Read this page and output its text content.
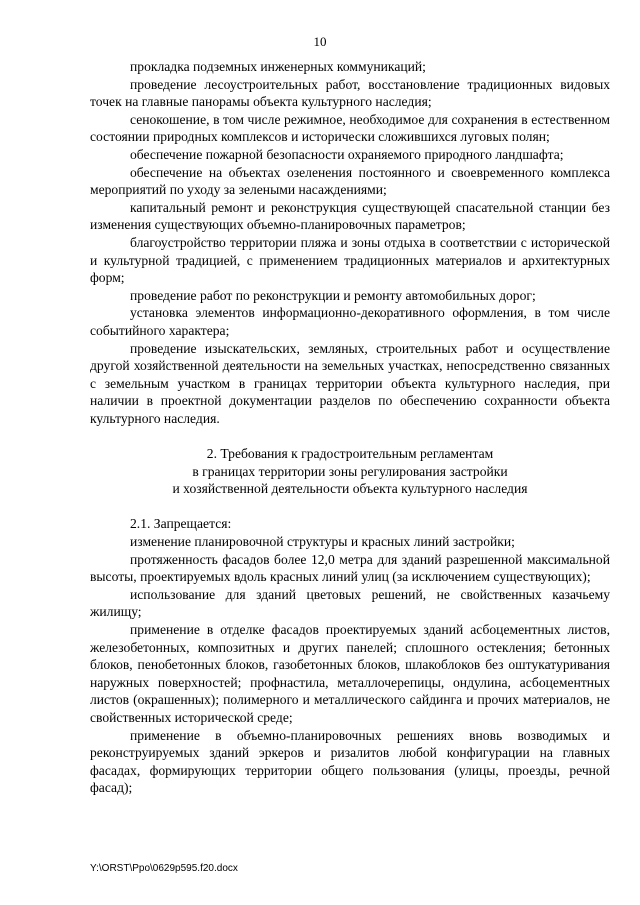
10

прокладка подземных инженерных коммуникаций;

проведение лесоустроительных работ, восстановление традиционных видовых точек на главные панорамы объекта культурного наследия;

сенокошение, в том числе режимное, необходимое для сохранения в естественном состоянии природных комплексов и исторически сложившихся луговых полян;

обеспечение пожарной безопасности охраняемого природного ландшафта;

обеспечение на объектах озеленения постоянного и своевременного комплекса мероприятий по уходу за зелеными насаждениями;

капитальный ремонт и реконструкция существующей спасательной станции без изменения существующих объемно-планировочных параметров;

благоустройство территории пляжа и зоны отдыха в соответствии с исторической и культурной традицией, с применением традиционных материалов и архитектурных форм;

проведение работ по реконструкции и ремонту автомобильных дорог;

установка элементов информационно-декоративного оформления, в том числе событийного характера;

проведение изыскательских, земляных, строительных работ и осуществление другой хозяйственной деятельности на земельных участках, непосредственно связанных с земельным участком в границах территории объекта культурного наследия, при наличии в проектной документации разделов по обеспечению сохранности объекта культурного наследия.

2. Требования к градостроительным регламентам

в границах территории зоны регулирования застройки

и хозяйственной деятельности объекта культурного наследия

2.1. Запрещается:

изменение планировочной структуры и красных линий застройки;

протяженность фасадов более 12,0 метра для зданий разрешенной максимальной высоты, проектируемых вдоль красных линий улиц (за исключением существующих);

использование для зданий цветовых решений, не свойственных казачьему жилищу;

применение в отделке фасадов проектируемых зданий асбоцементных листов, железобетонных, композитных и других панелей; сплошного остекления; бетонных блоков, пенобетонных блоков, газобетонных блоков, шлакоблоков без оштукатуривания наружных поверхностей; профнастила, металлочерепицы, ондулина, асбоцементных листов (окрашенных); полимерного и металлического сайдинга и прочих материалов, не свойственных исторической среде;

применение в объемно-планировочных решениях вновь возводимых и реконструируемых зданий эркеров и ризалитов любой конфигурации на главных фасадах, формирующих территории общего пользования (улицы, проезды, речной фасад);

Y:\ORST\Ppo\0629p595.f20.docx
